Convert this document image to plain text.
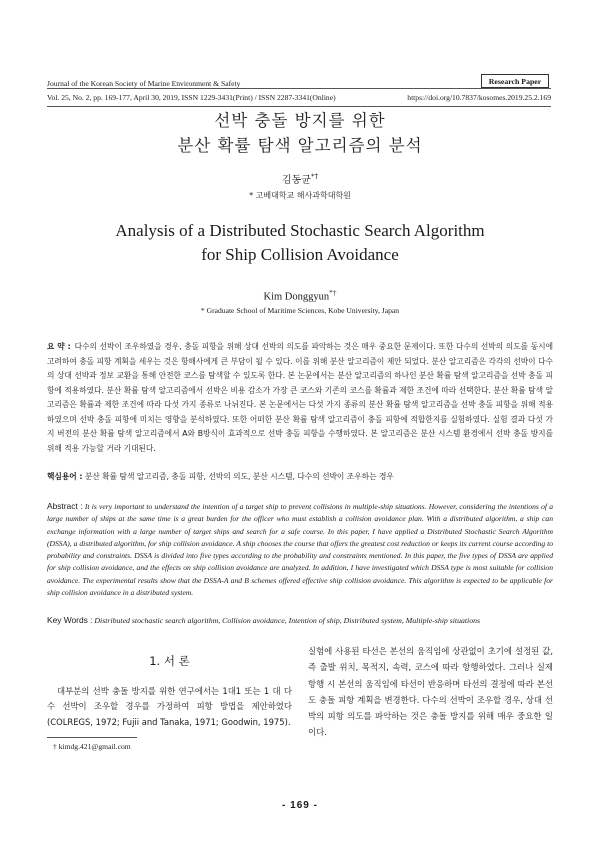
Journal of the Korean Society of Marine Environment & Safety	Research Paper
Vol. 25, No. 2, pp. 169-177, April 30, 2019, ISSN 1229-3431(Print) / ISSN 2287-3341(Online)	https://doi.org/10.7837/kosomes.2019.25.2.169
선박 충돌 방지를 위한
분산 확률 탐색 알고리즘의 분석
김동균*†
* 고베대학교 해사과학대학원
Analysis of a Distributed Stochastic Search Algorithm
for Ship Collision Avoidance
Kim Donggyun*†
* Graduate School of Maritime Sciences, Kobe University, Japan
요 약 : 다수의 선박이 조우하였을 경우, 충돌 피항을 위해 상대 선박의 의도를 파악하는 것은 매우 중요한 문제이다. 또한 다수의 선박의 의도를 동시에 고려하여 충돌 피항 계획을 세우는 것은 항해사에게 큰 부담이 될 수 있다. 이를 위해 분산 알고리즘이 제안 되었다. 분산 알고리즘은 각각의 선박이 다수의 상대 선박과 정보 교환을 통해 안전한 코스를 탐색할 수 있도록 한다. 본 논문에서는 분산 알고리즘의 하나인 분산 확률 탐색 알고리즘을 선박 충돌 피항에 적용하였다. 분산 확률 탐색 알고리즘에서 선박은 비용 감소가 가장 큰 코스와 기존의 코스를 확률과 제한 조건에 따라 선택한다. 분산 확률 탐색 알고리즘은 확률과 제한 조건에 따라 다섯 가지 종류로 나뉘진다. 본 논문에서는 다섯 가지 종류의 분산 확률 탐색 알고리즘을 선박 충돌 피항을 위해 적용하였으며 선박 충돌 피항에 미치는 영향을 분석하였다. 또한 어떠한 분산 확률 탐색 알고리즘이 충돌 피항에 적합한지를 실험하였다. 실험 결과 다섯 가지 버전의 분산 확률 탐색 알고리즘에서 A와 B방식이 효과적으로 선박 충돌 피항을 수행하였다. 본 알고리즘은 분산 시스템 환경에서 선박 충돌 방지를 위해 적용 가능할 거라 기대된다.
핵심용어 : 분산 확률 탐색 알고리즘, 충돌 피항, 선박의 의도, 분산 시스템, 다수의 선박이 조우하는 경우
Abstract : It is very important to understand the intention of a target ship to prevent collisions in multiple-ship situations. However, considering the intentions of a large number of ships at the same time is a great burden for the officer who must establish a collision avoidance plan. With a distributed algorithm, a ship can exchange information with a large number of target ships and search for a safe course. In this paper, I have applied a Distributed Stochastic Search Algorithm (DSSA), a distributed algorithm, for ship collision avoidance. A ship chooses the course that offers the greatest cost reduction or keeps its current course according to probability and constraints. DSSA is divided into five types according to the probability and constraints mentioned. In this paper, the five types of DSSA are applied for ship collision avoidance, and the effects on ship collision avoidance are analyzed. In addition, I have investigated which DSSA type is most suitable for collision avoidance. The experimental results show that the DSSA-A and B schemes offered effective ship collision avoidance. This algorithm is expected to be applicable for ship collision avoidance in a distributed system.
Key Words : Distributed stochastic search algorithm, Collision avoidance, Intention of ship, Distributed system, Multiple-ship situations
1. 서 론
대부분의 선박 충돌 방지를 위한 연구에서는 1대1 또는 1 대 다수 선박이 조우할 경우를 가정하여 피항 방법을 제안하였다(COLREGS, 1972; Fujii and Tanaka, 1971; Goodwin, 1975).
실험에 사용된 타선은 본선의 움직임에 상관없이 초기에 설정된 값, 즉 출발 위치, 목적지, 속력, 코스에 따라 항행하였다. 그러나 실제 항행 시 본선의 움직임에 타선이 반응하며 타선의 결정에 따라 본선도 충돌 피항 계획을 변경한다. 다수의 선박이 조우할 경우, 상대 선박의 피항 의도를 파악하는 것은 충돌 방지를 위해 매우 중요한 일이다.
† kimdg.421@gmail.com
- 169 -
